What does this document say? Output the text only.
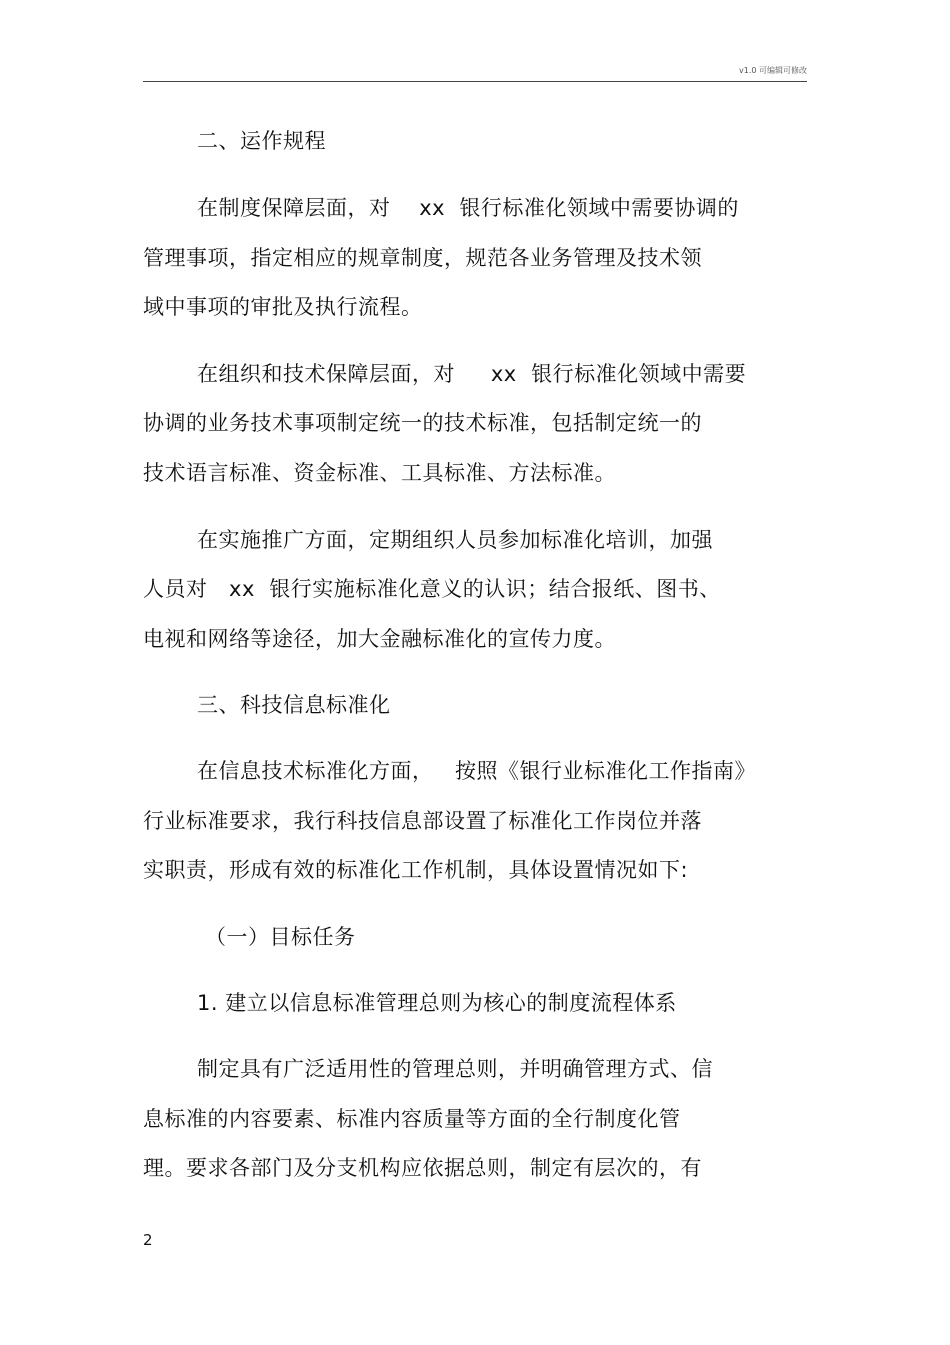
v1.0 可编辑可修改
二、运作规程
在制度保障层面，对    xx  银行标准化领域中需要协调的
管理事项，指定相应的规章制度，规范各业务管理及技术领
域中事项的审批及执行流程。
在组织和技术保障层面，对     xx  银行标准化领域中需要
协调的业务技术事项制定统一的技术标准，包括制定统一的
技术语言标准、资金标准、工具标准、方法标准。
在实施推广方面，定期组织人员参加标准化培训，加强
人员对   xx  银行实施标准化意义的认识；结合报纸、图书、
电视和网络等途径，加大金融标准化的宣传力度。
三、科技信息标准化
在信息技术标准化方面，   按照《银行业标准化工作指南》
行业标准要求，我行科技信息部设置了标准化工作岗位并落
实职责，形成有效的标准化工作机制，具体设置情况如下:
（一）目标任务
1. 建立以信息标准管理总则为核心的制度流程体系
制定具有广泛适用性的管理总则，并明确管理方式、信
息标准的内容要素、标准内容质量等方面的全行制度化管
理。要求各部门及分支机构应依据总则，制定有层次的，有
2
